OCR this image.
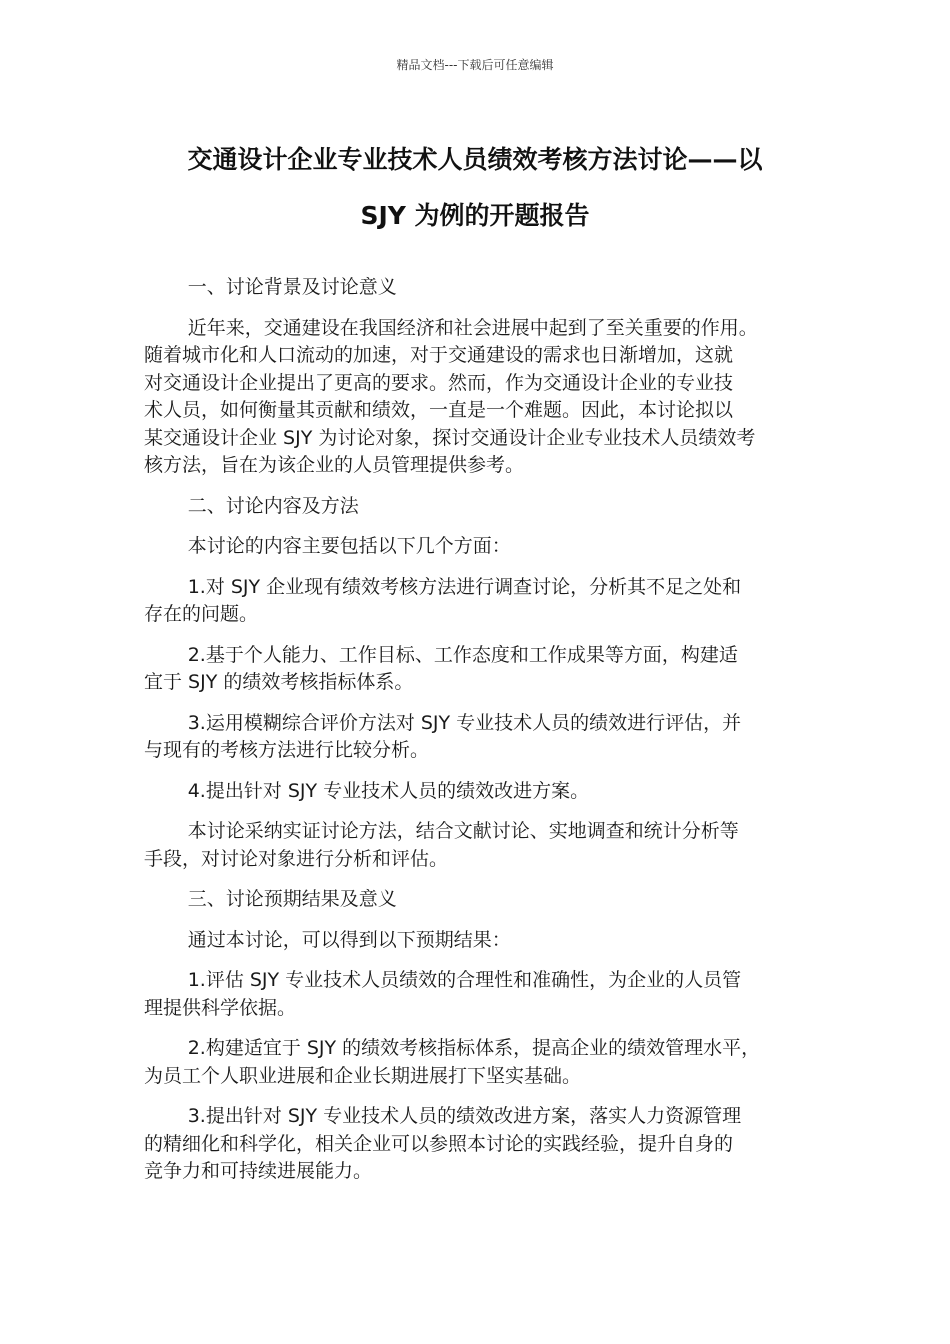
精品文档---下载后可任意编辑
交通设计企业专业技术人员绩效考核方法讨论——以
SJY 为例的开题报告

一、讨论背景及讨论意义

近年来，交通建设在我国经济和社会进展中起到了至关重要的作用。
随着城市化和人口流动的加速，对于交通建设的需求也日渐增加，这就
对交通设计企业提出了更高的要求。然而，作为交通设计企业的专业技
术人员，如何衡量其贡献和绩效，一直是一个难题。因此，本讨论拟以
某交通设计企业 SJY 为讨论对象，探讨交通设计企业专业技术人员绩效考
核方法，旨在为该企业的人员管理提供参考。

二、讨论内容及方法

本讨论的内容主要包括以下几个方面：

1.对 SJY 企业现有绩效考核方法进行调查讨论，分析其不足之处和
存在的问题。

2.基于个人能力、工作目标、工作态度和工作成果等方面，构建适
宜于 SJY 的绩效考核指标体系。

3.运用模糊综合评价方法对 SJY 专业技术人员的绩效进行评估，并
与现有的考核方法进行比较分析。

4.提出针对 SJY 专业技术人员的绩效改进方案。

本讨论采纳实证讨论方法，结合文献讨论、实地调查和统计分析等
手段，对讨论对象进行分析和评估。

三、讨论预期结果及意义

通过本讨论，可以得到以下预期结果：

1.评估 SJY 专业技术人员绩效的合理性和准确性，为企业的人员管
理提供科学依据。

2.构建适宜于 SJY 的绩效考核指标体系，提高企业的绩效管理水平，
为员工个人职业进展和企业长期进展打下坚实基础。

3.提出针对 SJY 专业技术人员的绩效改进方案，落实人力资源管理
的精细化和科学化，相关企业可以参照本讨论的实践经验，提升自身的
竞争力和可持续进展能力。
